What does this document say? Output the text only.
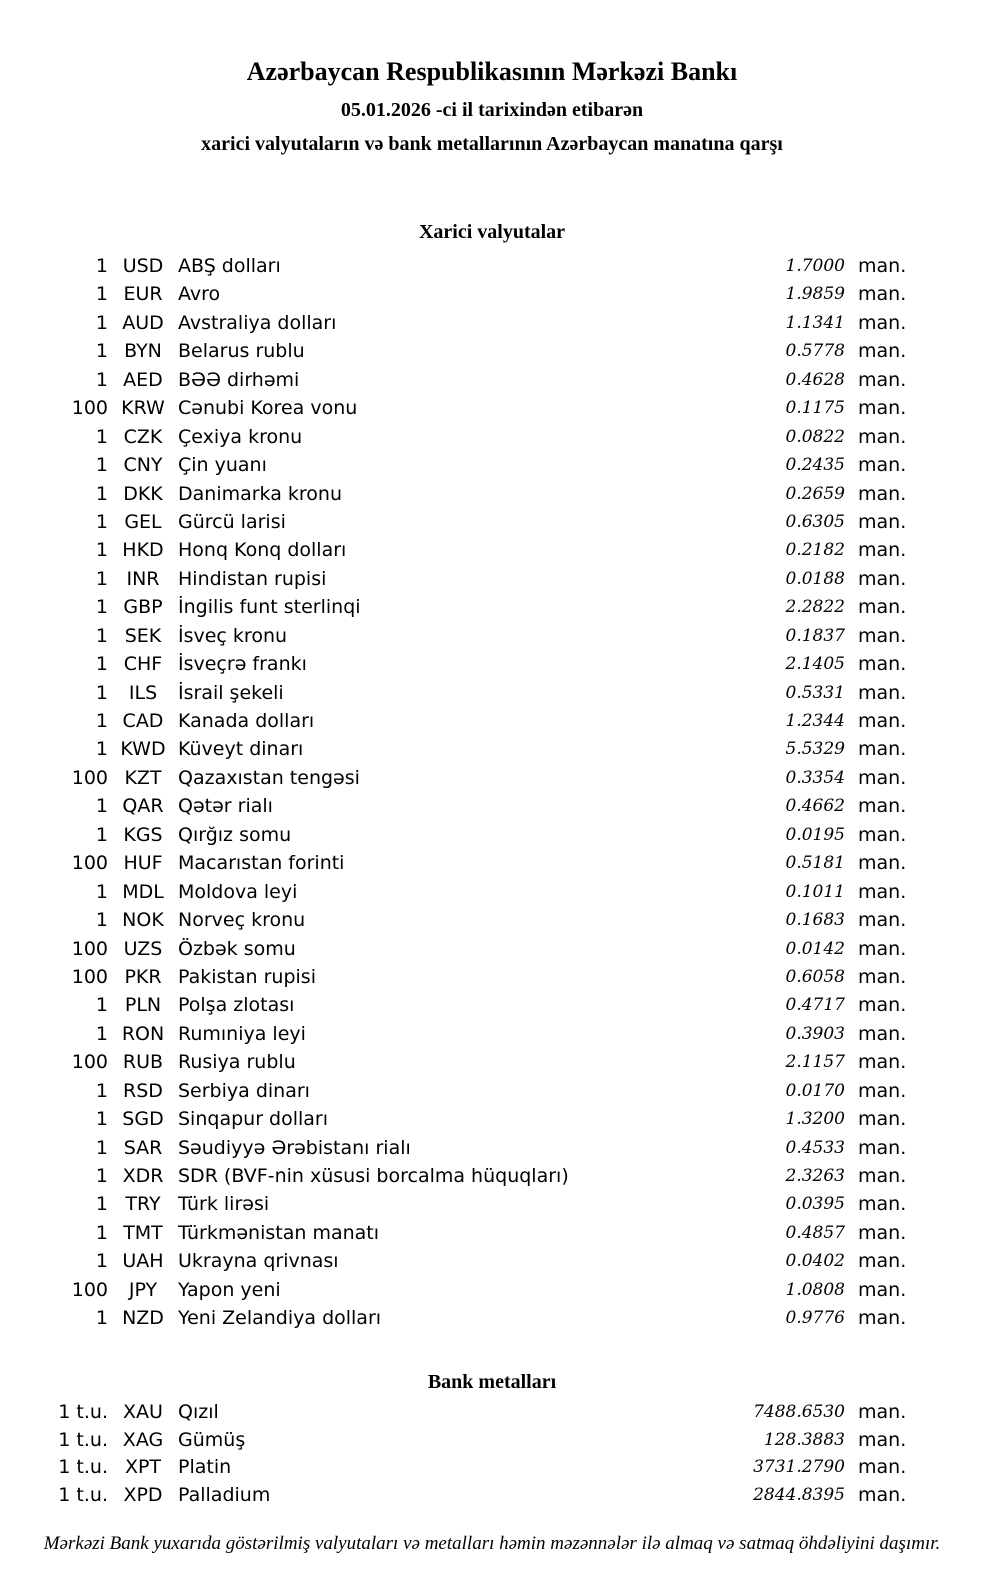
Azərbaycan Respublikasının Mərkəzi Bankı
05.01.2026 -ci il tarixindən etibarən
xarici valyutaların və bank metallarının Azərbaycan manatına qarşı
Xarici valyutalar
1 USD ABŞ dolları	1.7000 man.
1 EUR Avro	1.9859 man.
1 AUD Avstraliya dolları	1.1341 man.
1 BYN Belarus rublu	0.5778 man.
1 AED BƏƏ dirhəmi	0.4628 man.
100 KRW Cənubi Korea vonu	0.1175 man.
1 CZK Çexiya kronu	0.0822 man.
1 CNY Çin yuanı	0.2435 man.
1 DKK Danimarka kronu	0.2659 man.
1 GEL Gürcü larisi	0.6305 man.
1 HKD Honq Konq dolları	0.2182 man.
1 INR Hindistan rupisi	0.0188 man.
1 GBP İngilis funt sterlinqi	2.2822 man.
1 SEK İsveç kronu	0.1837 man.
1 CHF İsveçrə frankı	2.1405 man.
1	ILS	İsrail şekeli	0.5331 man.
1 CAD Kanada dolları	1.2344 man.
1 KWD Küveyt dinarı	5.5329 man.
100 KZT Qazaxıstan tengəsi	0.3354 man.
1 QAR Qətər rialı	0.4662 man.
1 KGS Qırğız somu	0.0195 man.
100 HUF Macarıstan forinti	0.5181 man.
1 MDL Moldova leyi	0.1011 man.
1 NOK Norveç kronu	0.1683 man.
100 UZS Özbək somu	0.0142 man.
100 PKR Pakistan rupisi	0.6058 man.
1 PLN Polşa zlotası	0.4717 man.
1 RON Rumıniya leyi	0.3903 man.
100 RUB Rusiya rublu	2.1157 man.
1 RSD Serbiya dinarı	0.0170 man.
1 SGD Sinqapur dolları	1.3200 man.
1 SAR Səudiyyə Ərəbistanı rialı	0.4533 man.
1 XDR SDR (BVF-nin xüsusi borcalma hüquqları)	2.3263 man.
1 TRY Türk lirəsi	0.0395 man.
1 TMT Türkmənistan manatı	0.4857 man.
1 UAH Ukrayna qrivnası	0.0402 man.
100	JPY	Yapon yeni	1.0808 man.
1 NZD Yeni Zelandiya dolları	0.9776 man.
Bank metalları
1 t.u. XAU Qızıl	7488.6530 man.
1 t.u. XAG Gümüş	128.3883 man.
1 t.u. XPT Platin	3731.2790 man.
1 t.u. XPD Palladium	2844.8395 man.
Mərkəzi Bank yuxarıda göstərilmiş valyutaları və metalları həmin məzənnələr ilə almaq və satmaq öhdəliyini daşımır.
